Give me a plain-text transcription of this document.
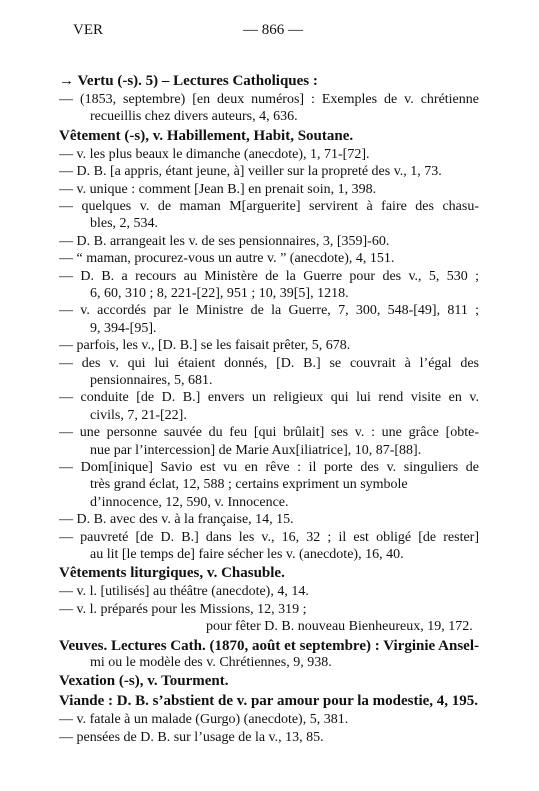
VER	— 866 —
→ Vertu (-s). 5) – Lectures Catholiques :
— (1853, septembre) [en deux numéros] : Exemples de v. chrétienne
recueillis chez divers auteurs, 4, 636.
Vêtement (-s), v. Habillement, Habit, Soutane.
— v. les plus beaux le dimanche (anecdote), 1, 71-[72].
— D. B. [a appris, étant jeune, à] veiller sur la propreté des v., 1, 73.
— v. unique : comment [Jean B.] en prenait soin, 1, 398.
— quelques v. de maman M[arguerite] servirent à faire des chasu-
bles, 2, 534.
— D. B. arrangeait les v. de ses pensionnaires, 3, [359]-60.
— “ maman, procurez-vous un autre v. ” (anecdote), 4, 151.
— D. B. a recours au Ministère de la Guerre pour des v., 5, 530 ;
6, 60, 310 ; 8, 221-[22], 951 ; 10, 39[5], 1218.
— v. accordés par le Ministre de la Guerre, 7, 300, 548-[49], 811 ;
9, 394-[95].
— parfois, les v., [D. B.] se les faisait prêter, 5, 678.
— des v. qui lui étaient donnés, [D. B.] se couvrait à l’égal des
pensionnaires, 5, 681.
— conduite [de D. B.] envers un religieux qui lui rend visite en v.
civils, 7, 21-[22].
— une personne sauvée du feu [qui brûlait] ses v. : une grâce [obte-
nue par l’intercession] de Marie Aux[iliatrice], 10, 87-[88].
— Dom[inique] Savio est vu en rêve : il porte des v. singuliers de
très grand éclat, 12, 588 ; certains expriment un symbole
d’innocence, 12, 590, v. Innocence.
— D. B. avec des v. à la française, 14, 15.
— pauvreté [de D. B.] dans les v., 16, 32 ; il est obligé [de rester]
au lit [le temps de] faire sécher les v. (anecdote), 16, 40.
Vêtements liturgiques, v. Chasuble.
— v. l. [utilisés] au théâtre (anecdote), 4, 14.
— v. l. préparés pour les Missions, 12, 319 ;
pour fêter D. B. nouveau Bienheureux, 19, 172.
Veuves. Lectures Cath. (1870, août et septembre) : Virginie Ansel-
mi ou le modèle des v. Chrétiennes, 9, 938.
Vexation (-s), v. Tourment.
Viande : D. B. s’abstient de v. par amour pour la modestie, 4, 195.
— v. fatale à un malade (Gurgo) (anecdote), 5, 381.
— pensées de D. B. sur l’usage de la v., 13, 85.
